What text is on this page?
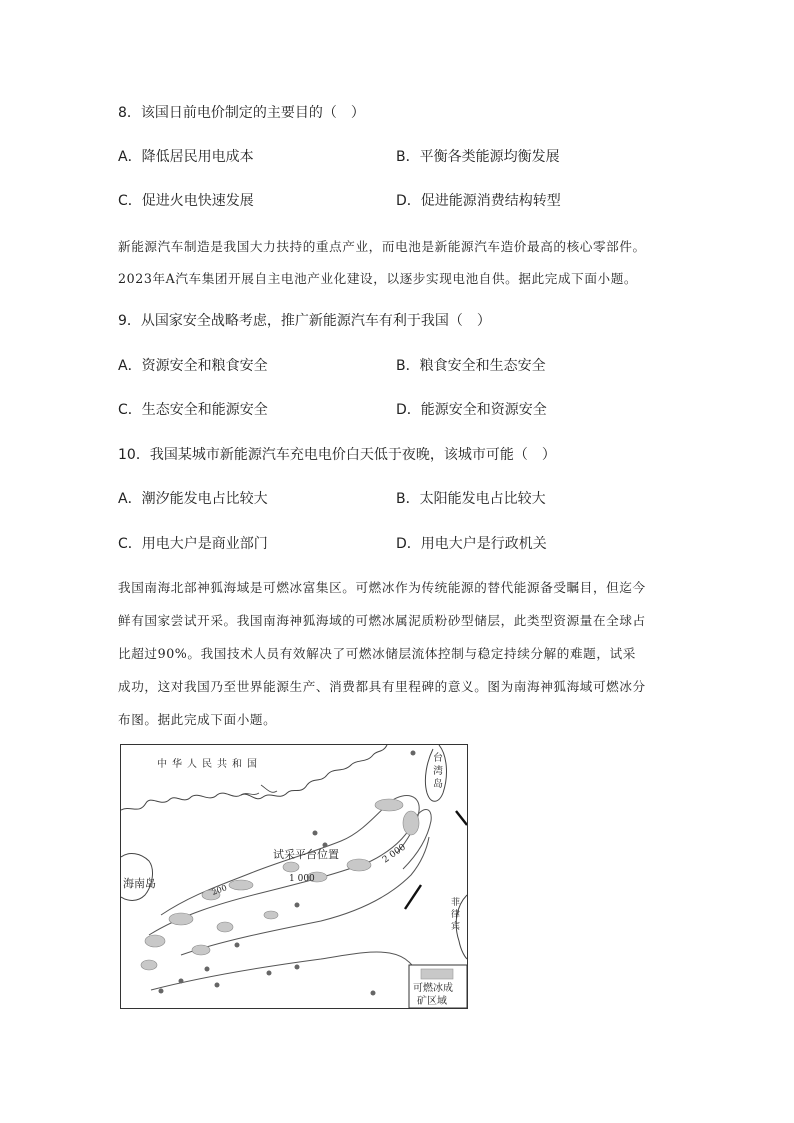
8．该国日前电价制定的主要目的（　）
A．降低居民用电成本	B．平衡各类能源均衡发展
C．促进火电快速发展	D．促进能源消费结构转型
新能源汽车制造是我国大力扶持的重点产业，而电池是新能源汽车造价最高的核心零部件。
2023年A汽车集团开展自主电池产业化建设，以逐步实现电池自供。据此完成下面小题。
9．从国家安全战略考虑，推广新能源汽车有利于我国（　）
A．资源安全和粮食安全	B．粮食安全和生态安全
C．生态安全和能源安全	D．能源安全和资源安全
10．我国某城市新能源汽车充电电价白天低于夜晚，该城市可能（　）
A．潮汐能发电占比较大	B．太阳能发电占比较大
C．用电大户是商业部门	D．用电大户是行政机关
我国南海北部神狐海域是可燃冰富集区。可燃冰作为传统能源的替代能源备受瞩目，但迄今
鲜有国家尝试开采。我国南海神狐海域的可燃冰属泥质粉砂型储层，此类型资源量在全球占
比超过90%。我国技术人员有效解决了可燃冰储层流体控制与稳定持续分解的难题，试采
成功，这对我国乃至世界能源生产、消费都具有里程碑的意义。图为南海神狐海域可燃冰分
布图。据此完成下面小题。
中华人民共和国
台
湾
岛
海南岛
试采平台位置
菲
律
宾
200
1 000
2 000
可燃冰成
矿区域
